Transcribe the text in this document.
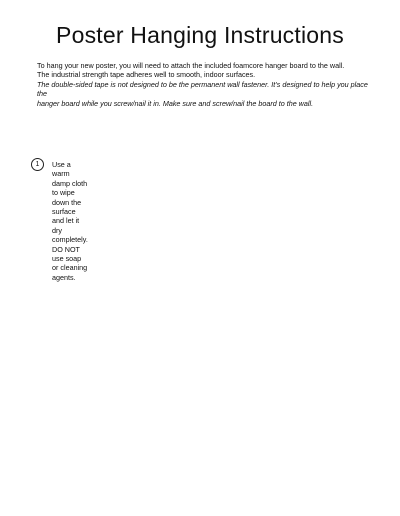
Poster Hanging Instructions

To hang your new poster, you will need to attach the included foamcore hanger board to the wall.

The industrial strength tape adheres well to smooth, indoor surfaces.

The double-sided tape is not designed to be the permanent wall fastener. It’s designed to help you place the

hanger board while you screw/nail it in. Make sure and screw/nail the board to the wall.

1	Use a warm damp cloth to wipe down the surface and let it dry completely. DO NOT use soap
or cleaning agents.
